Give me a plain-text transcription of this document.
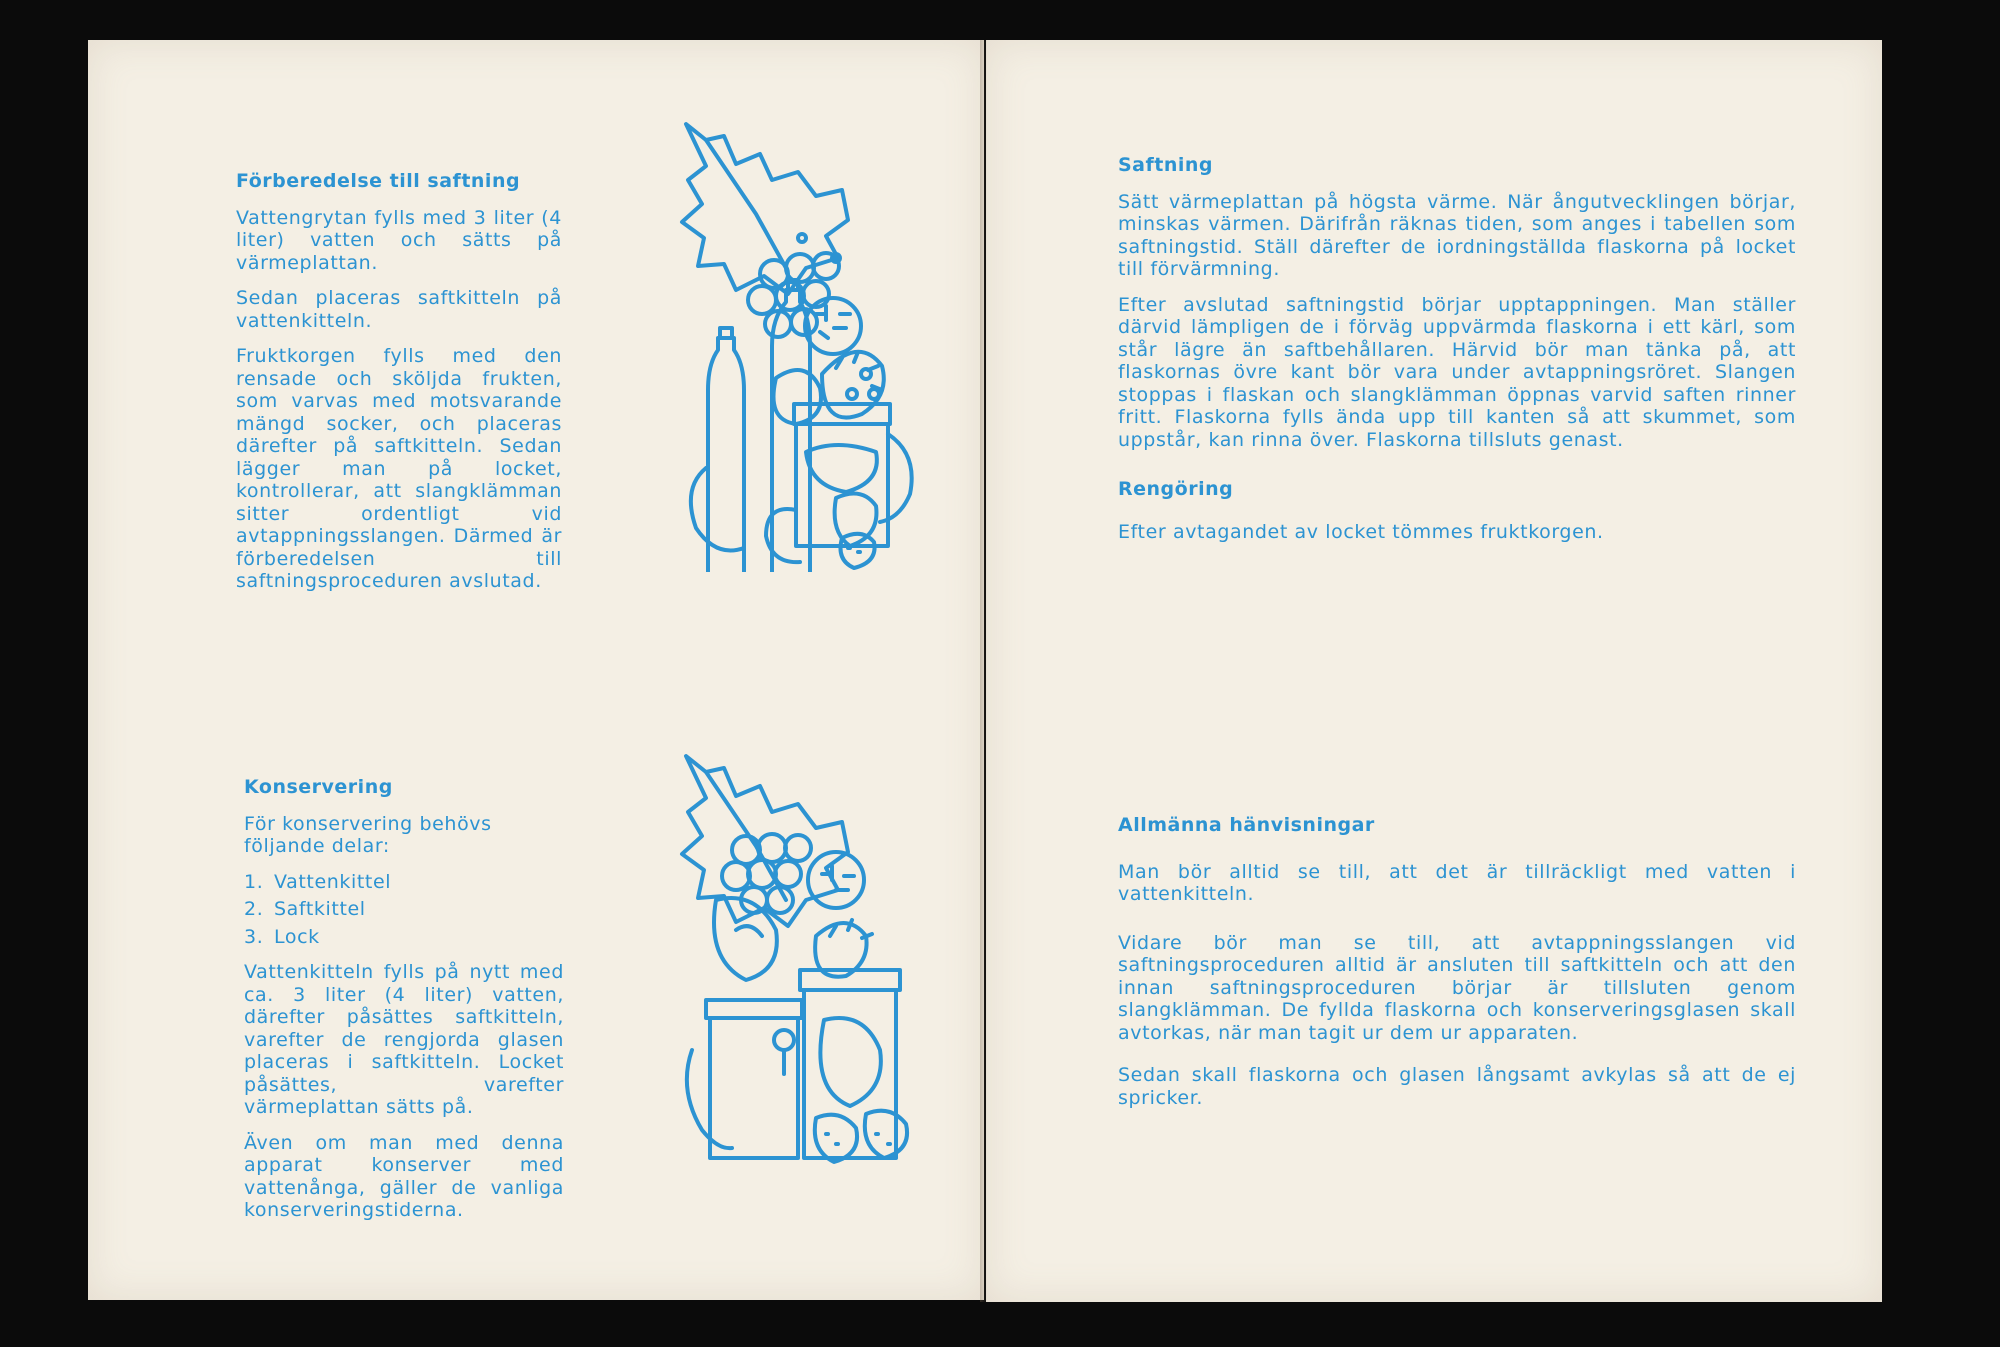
Förberedelse till saftning

Vattengrytan fylls med 3 liter (4 liter) vatten och sätts på värmeplattan.

Sedan placeras saftkitteln på vattenkitteln.

Fruktkorgen fylls med den rensade och sköljda frukten, som varvas med motsvarande mängd socker, och placeras därefter på saftkitteln. Sedan lägger man på locket, kontrollerar, att slangklämman sitter ordentligt vid avtappningsslangen. Därmed är förberedelsen till saftningsproceduren avslutad.

Konservering

För konservering behövs följande delar:

1. Vattenkittel
2. Saftkittel
3. Lock

Vattenkitteln fylls på nytt med ca. 3 liter (4 liter) vatten, därefter påsättes saftkitteln, varefter de rengjorda glasen placeras i saftkitteln. Locket påsättes, varefter värmeplattan sätts på.

Även om man med denna apparat konserver med vattenånga, gäller de vanliga konserveringstiderna.

Saftning

Sätt värmeplattan på högsta värme. När ångutvecklingen börjar, minskas värmen. Därifrån räknas tiden, som anges i tabellen som saftningstid. Ställ därefter de iordningställda flaskorna på locket till förvärmning.

Efter avslutad saftningstid börjar upptappningen. Man ställer därvid lämpligen de i förväg uppvärmda flaskorna i ett kärl, som står lägre än saftbehållaren. Härvid bör man tänka på, att flaskornas övre kant bör vara under avtappningsröret. Slangen stoppas i flaskan och slangklämman öppnas varvid saften rinner fritt. Flaskorna fylls ända upp till kanten så att skummet, som uppstår, kan rinna över. Flaskorna tillsluts genast.

Rengöring

Efter avtagandet av locket tömmes fruktkorgen.

Allmänna hänvisningar

Man bör alltid se till, att det är tillräckligt med vatten i vattenkitteln.

Vidare bör man se till, att avtappningsslangen vid saftningsproceduren alltid är ansluten till saftkitteln och att den innan saftningsproceduren börjar är tillsluten genom slangklämman. De fyllda flaskorna och konserveringsglasen skall avtorkas, när man tagit ur dem ur apparaten.

Sedan skall flaskorna och glasen långsamt avkylas så att de ej spricker.
